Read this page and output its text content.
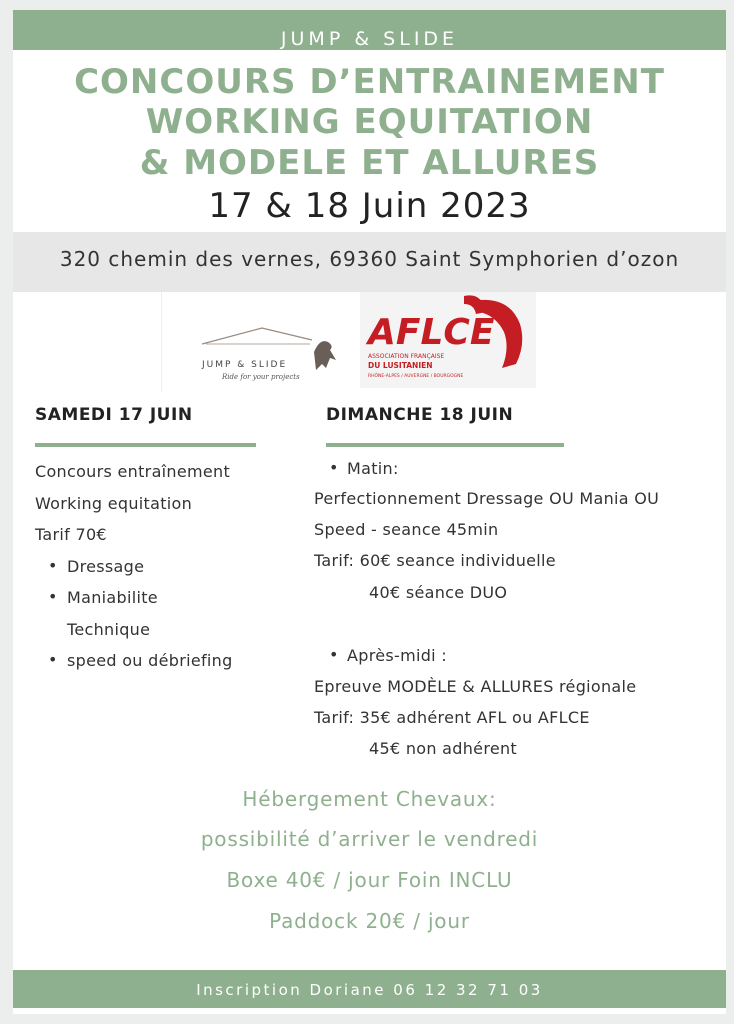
JUMP & SLIDE
CONCOURS D’ENTRAINEMENT
WORKING EQUITATION
& MODELE ET ALLURES
17 & 18 Juin 2023
320 chemin des vernes, 69360 Saint Symphorien d’ozon
JUMP & SLIDE
Ride for your projects
AFLCE
ASSOCIATION FRANÇAISE
DU LUSITANIEN
RHÔNE-ALPES / AUVERGNE / BOURGOGNE
SAMEDI 17 JUIN
Concours entraînement
Working equitation
Tarif 70€
• Dressage
• Maniabilite
Technique
• speed ou débriefing
DIMANCHE 18 JUIN
• Matin:
Perfectionnement Dressage OU Mania OU
Speed - seance 45min
Tarif: 60€ seance individuelle
40€ séance DUO
• Après-midi :
Epreuve MODÈLE & ALLURES régionale
Tarif: 35€ adhérent AFL ou AFLCE
45€ non adhérent
Hébergement Chevaux:
possibilité d’arriver le vendredi
Boxe 40€ / jour Foin INCLU
Paddock 20€ / jour
Inscription Doriane 06 12 32 71 03
